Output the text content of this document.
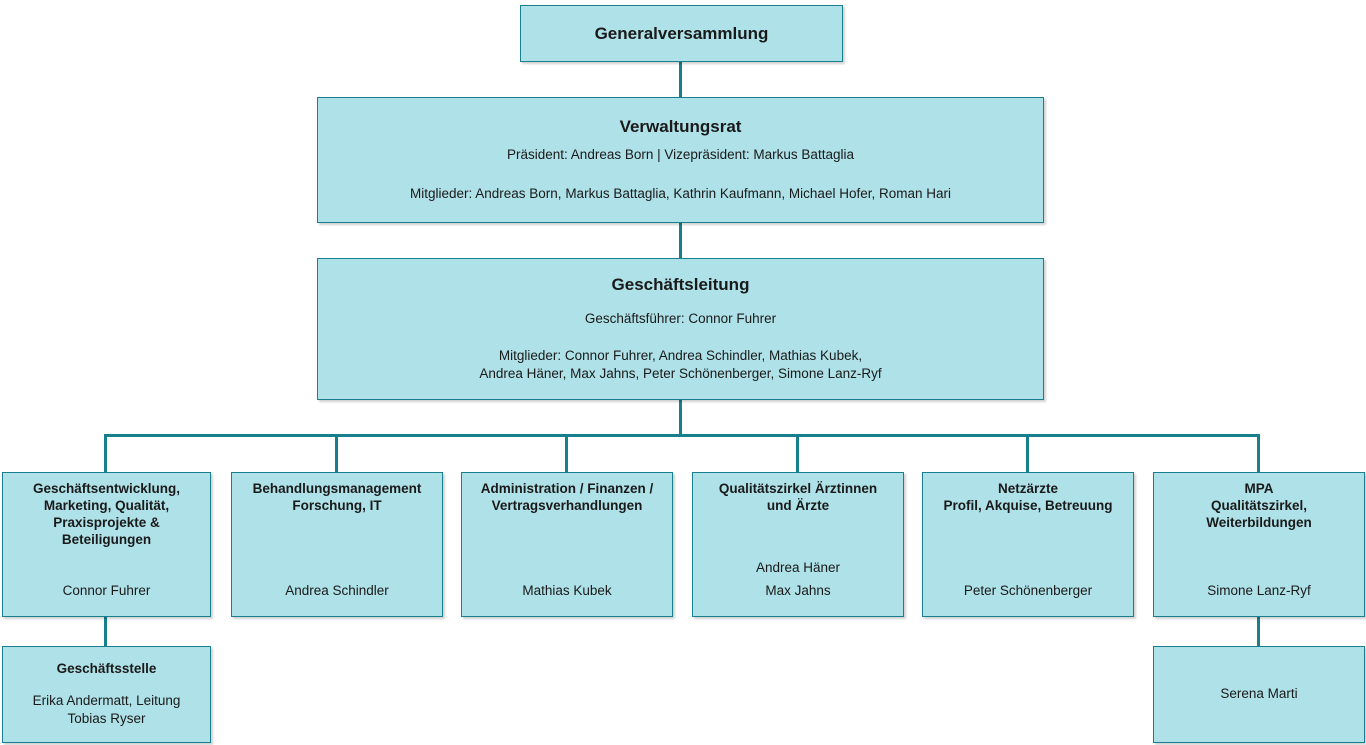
Generalversammlung
Verwaltungsrat
Präsident: Andreas Born | Vizepräsident: Markus Battaglia
Mitglieder: Andreas Born, Markus Battaglia, Kathrin Kaufmann, Michael Hofer, Roman Hari
Geschäftsleitung
Geschäftsführer: Connor Fuhrer
Mitglieder: Connor Fuhrer, Andrea Schindler, Mathias Kubek,
Andrea Häner, Max Jahns, Peter Schönenberger, Simone Lanz-Ryf
Geschäftsentwicklung,
Marketing, Qualität,
Praxisprojekte &
Beteiligungen
Connor Fuhrer
Behandlungsmanagement
Forschung, IT
Andrea Schindler
Administration / Finanzen /
Vertragsverhandlungen
Mathias Kubek
Qualitätszirkel Ärztinnen
und Ärzte
Andrea Häner
Max Jahns
Netzärzte
Profil, Akquise, Betreuung
Peter Schönenberger
MPA
Qualitätszirkel,
Weiterbildungen
Simone Lanz-Ryf
Geschäftsstelle
Erika Andermatt, Leitung
Tobias Ryser
Serena Marti
